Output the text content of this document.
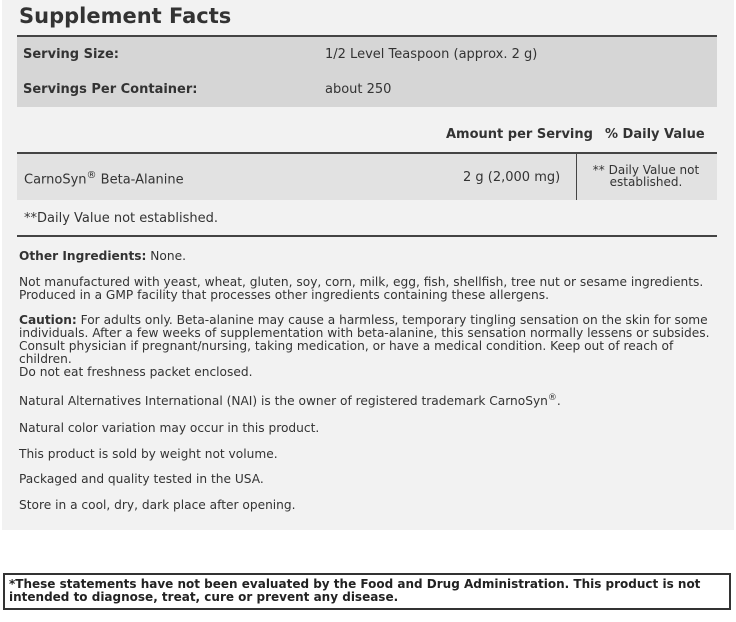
Supplement Facts
Serving Size:	1/2 Level Teaspoon (approx. 2 g)
Servings Per Container:	about 250
Amount per Serving % Daily Value
CarnoSyn® Beta-Alanine	2 g (2,000 mg)	** Daily Value not established.
**Daily Value not established.

Other Ingredients: None.

Not manufactured with yeast, wheat, gluten, soy, corn, milk, egg, fish, shellfish, tree nut or sesame ingredients. Produced in a GMP facility that processes other ingredients containing these allergens.

Caution: For adults only. Beta-alanine may cause a harmless, temporary tingling sensation on the skin for some individuals. After a few weeks of supplementation with beta-alanine, this sensation normally lessens or subsides. Consult physician if pregnant/nursing, taking medication, or have a medical condition. Keep out of reach of children.

Do not eat freshness packet enclosed.

Natural Alternatives International (NAI) is the owner of registered trademark CarnoSyn®.

Natural color variation may occur in this product.

This product is sold by weight not volume.

Packaged and quality tested in the USA.

Store in a cool, dry, dark place after opening.

*These statements have not been evaluated by the Food and Drug Administration. This product is not intended to diagnose, treat, cure or prevent any disease.
